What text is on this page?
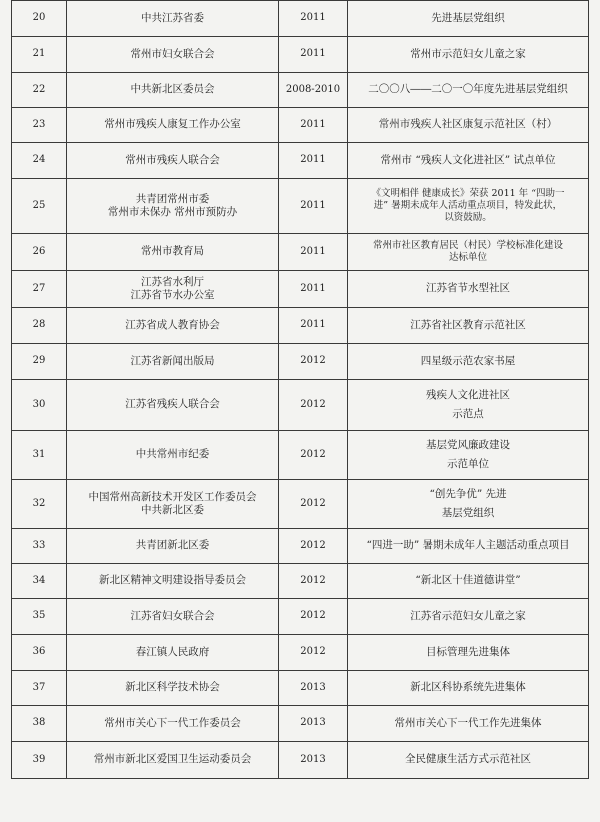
20	中共江苏省委	2011	先进基层党组织

21	常州市妇女联合会	2011	常州市示范妇女儿童之家

22	中共新北区委员会	2008-2010	二〇〇八――二〇一〇年度先进基层党组织

23	常州市残疾人康复工作办公室	2011	常州市残疾人社区康复示范社区（村）

24	常州市残疾人联合会	2011	常州市 “残疾人文化进社区” 试点单位

25	共青团常州市委
常州市未保办 常州市预防办	2011	《文明相伴 健康成长》荣获 2011 年 “四助一
进” 暑期未成年人活动重点项目，特发此状，
以资鼓励。

26	常州市教育局	2011	常州市社区教育居民（村民）学校标准化建设
达标单位

27	江苏省水利厅
江苏省节水办公室	2011	江苏省节水型社区

28	江苏省成人教育协会	2011	江苏省社区教育示范社区

29	江苏省新闻出版局	2012	四星级示范农家书屋

30	江苏省残疾人联合会	2012	残疾人文化进社区
示范点

31	中共常州市纪委	2012	基层党风廉政建设
示范单位

32	中国常州高新技术开发区工作委员会
中共新北区委	2012	“创先争优” 先进
基层党组织

33	共青团新北区委	2012	“四进一助” 暑期未成年人主题活动重点项目

34	新北区精神文明建设指导委员会	2012	“新北区十佳道德讲堂”

35	江苏省妇女联合会	2012	江苏省示范妇女儿童之家

36	春江镇人民政府	2012	目标管理先进集体

37	新北区科学技术协会	2013	新北区科协系统先进集体

38	常州市关心下一代工作委员会	2013	常州市关心下一代工作先进集体

39	常州市新北区爱国卫生运动委员会	2013	全民健康生活方式示范社区
